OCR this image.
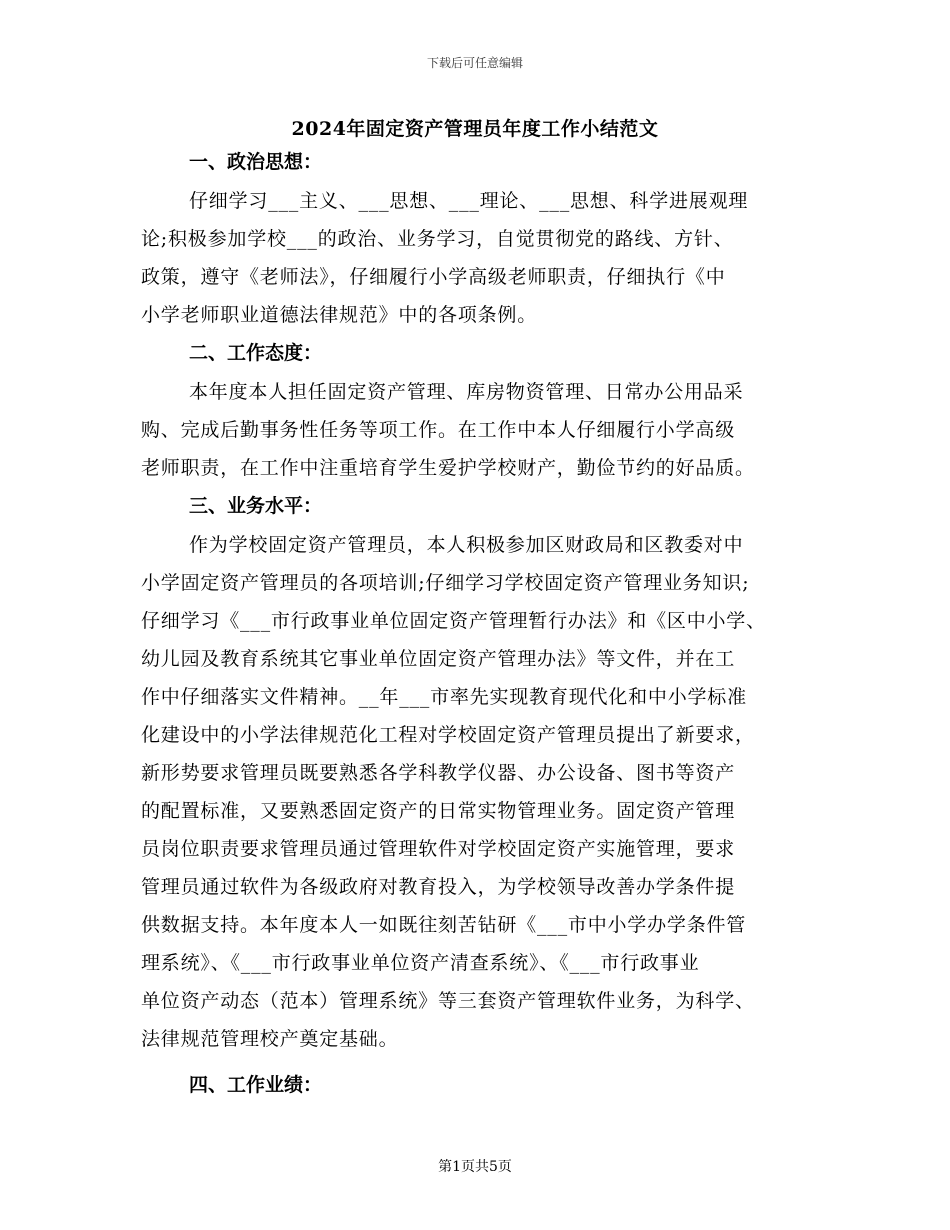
下载后可任意编辑
2024年固定资产管理员年度工作小结范文

一、政治思想：

仔细学习___主义、___思想、___理论、___思想、科学进展观理

论;积极参加学校___的政治、业务学习，自觉贯彻党的路线、方针、

政策，遵守《老师法》，仔细履行小学高级老师职责，仔细执行《中

小学老师职业道德法律规范》中的各项条例。

二、工作态度：

本年度本人担任固定资产管理、库房物资管理、日常办公用品采

购、完成后勤事务性任务等项工作。在工作中本人仔细履行小学高级

老师职责，在工作中注重培育学生爱护学校财产，勤俭节约的好品质。

三、业务水平：

作为学校固定资产管理员，本人积极参加区财政局和区教委对中

小学固定资产管理员的各项培训;仔细学习学校固定资产管理业务知识;

仔细学习《___市行政事业单位固定资产管理暂行办法》和《区中小学、

幼儿园及教育系统其它事业单位固定资产管理办法》等文件，并在工

作中仔细落实文件精神。__年___市率先实现教育现代化和中小学标准

化建设中的小学法律规范化工程对学校固定资产管理员提出了新要求，

新形势要求管理员既要熟悉各学科教学仪器、办公设备、图书等资产

的配置标准，又要熟悉固定资产的日常实物管理业务。固定资产管理

员岗位职责要求管理员通过管理软件对学校固定资产实施管理，要求

管理员通过软件为各级政府对教育投入，为学校领导改善办学条件提

供数据支持。本年度本人一如既往刻苦钻研《___市中小学办学条件管

理系统》、《___市行政事业单位资产清查系统》、《___市行政事业

单位资产动态（范本）管理系统》等三套资产管理软件业务，为科学、

法律规范管理校产奠定基础。

四、工作业绩：

第1页共5页
